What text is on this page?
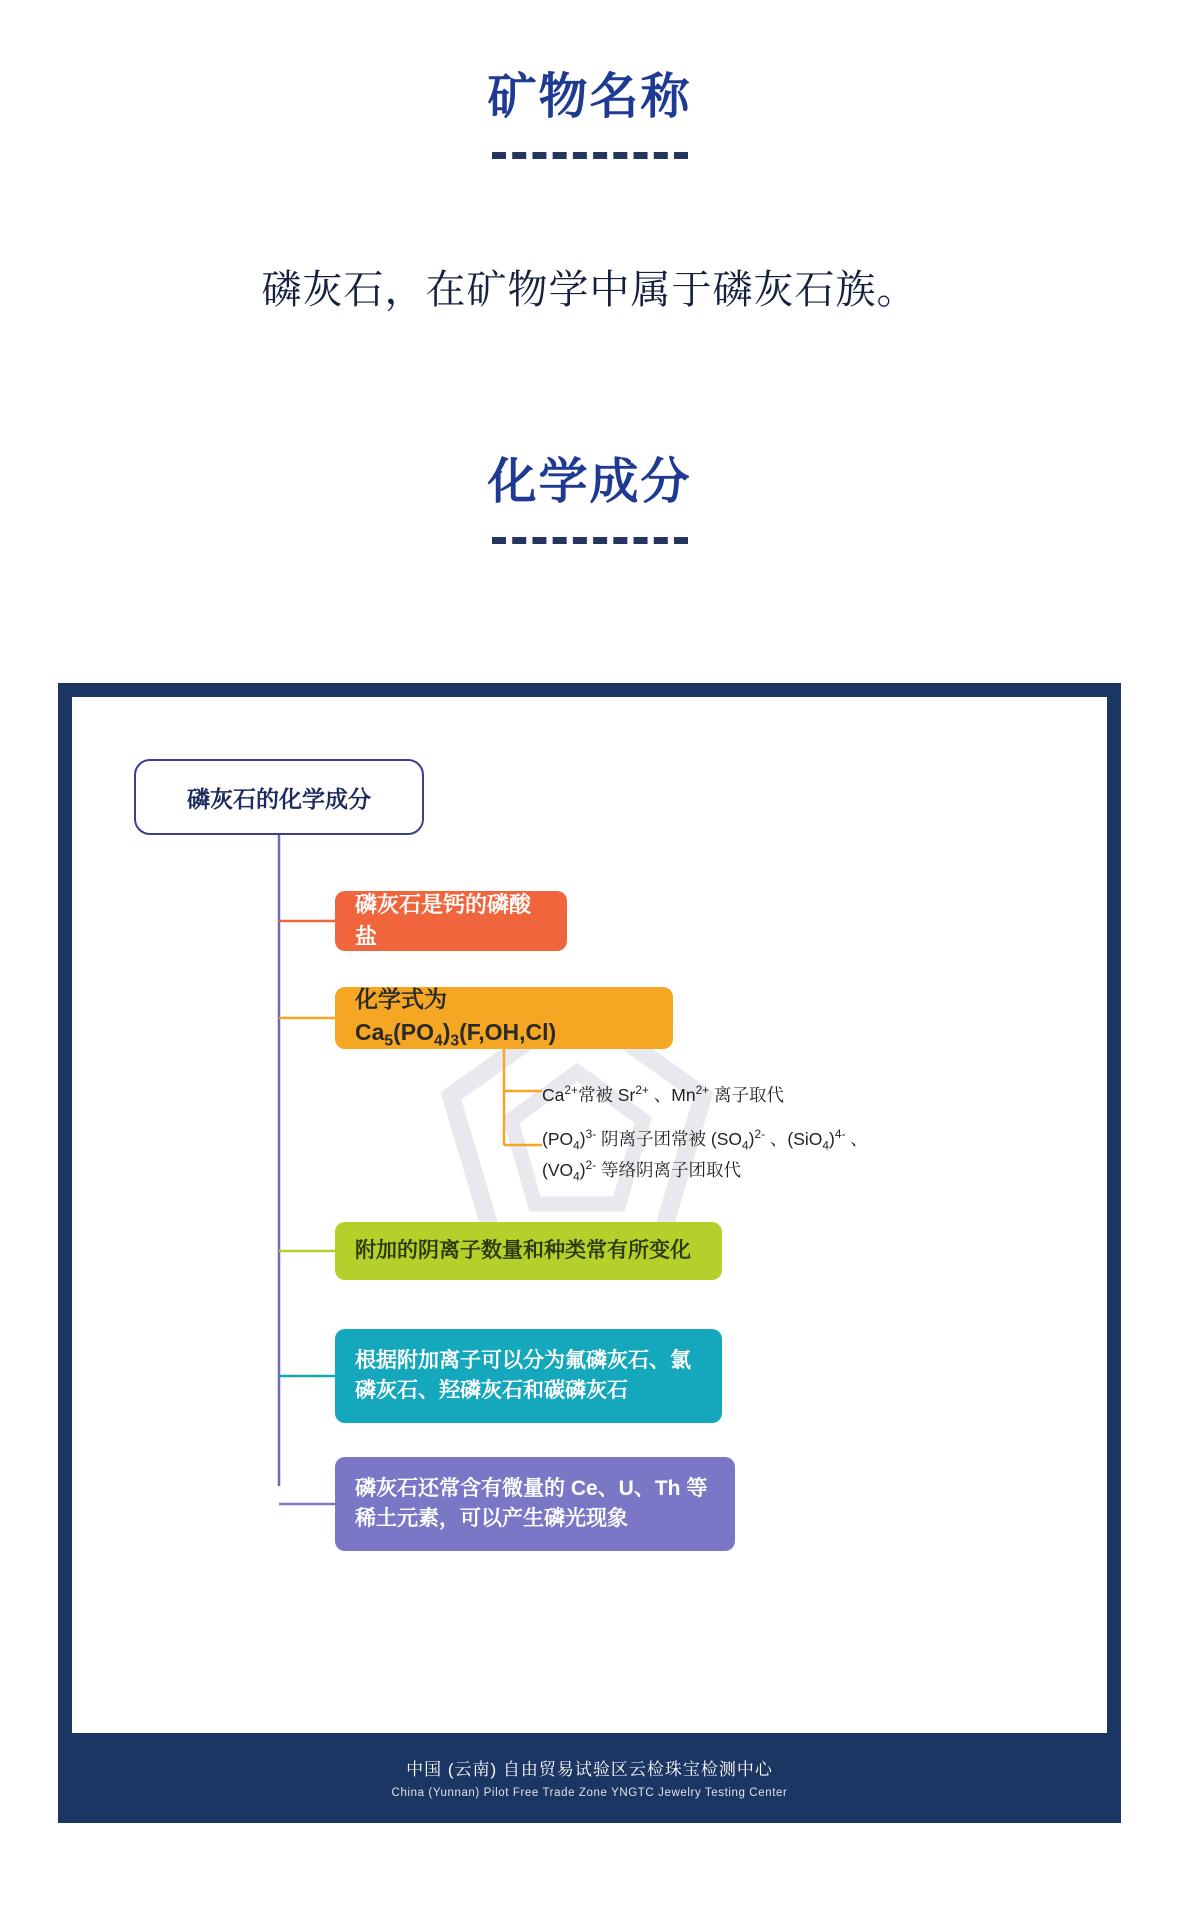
矿物名称
磷灰石，在矿物学中属于磷灰石族。
化学成分
磷灰石的化学成分
磷灰石是钙的磷酸盐
化学式为 $Ca_5(PO_4)_3(F,OH,Cl)$
附加的阴离子数量和种类常有所变化
根据附加离子可以分为氟磷灰石、氯磷灰石、羟磷灰石和碳磷灰石
磷灰石还常含有微量的 Ce、U、Th 等稀土元素，可以产生磷光现象
$Ca^{2+}$常被 $Sr^{2+}$ 、$Mn^{2+}$ 离子取代
$(PO_4)^{3-}$ 阴离子团常被 $(SO_4)^{2-}$ 、$(SiO_4)^{4-}$ 、
$(VO_4)^{2-}$ 等络阴离子团取代
中国 (云南) 自由贸易试验区云检珠宝检测中心
China (Yunnan) Pilot Free Trade Zone YNGTC Jewelry Testing Center
